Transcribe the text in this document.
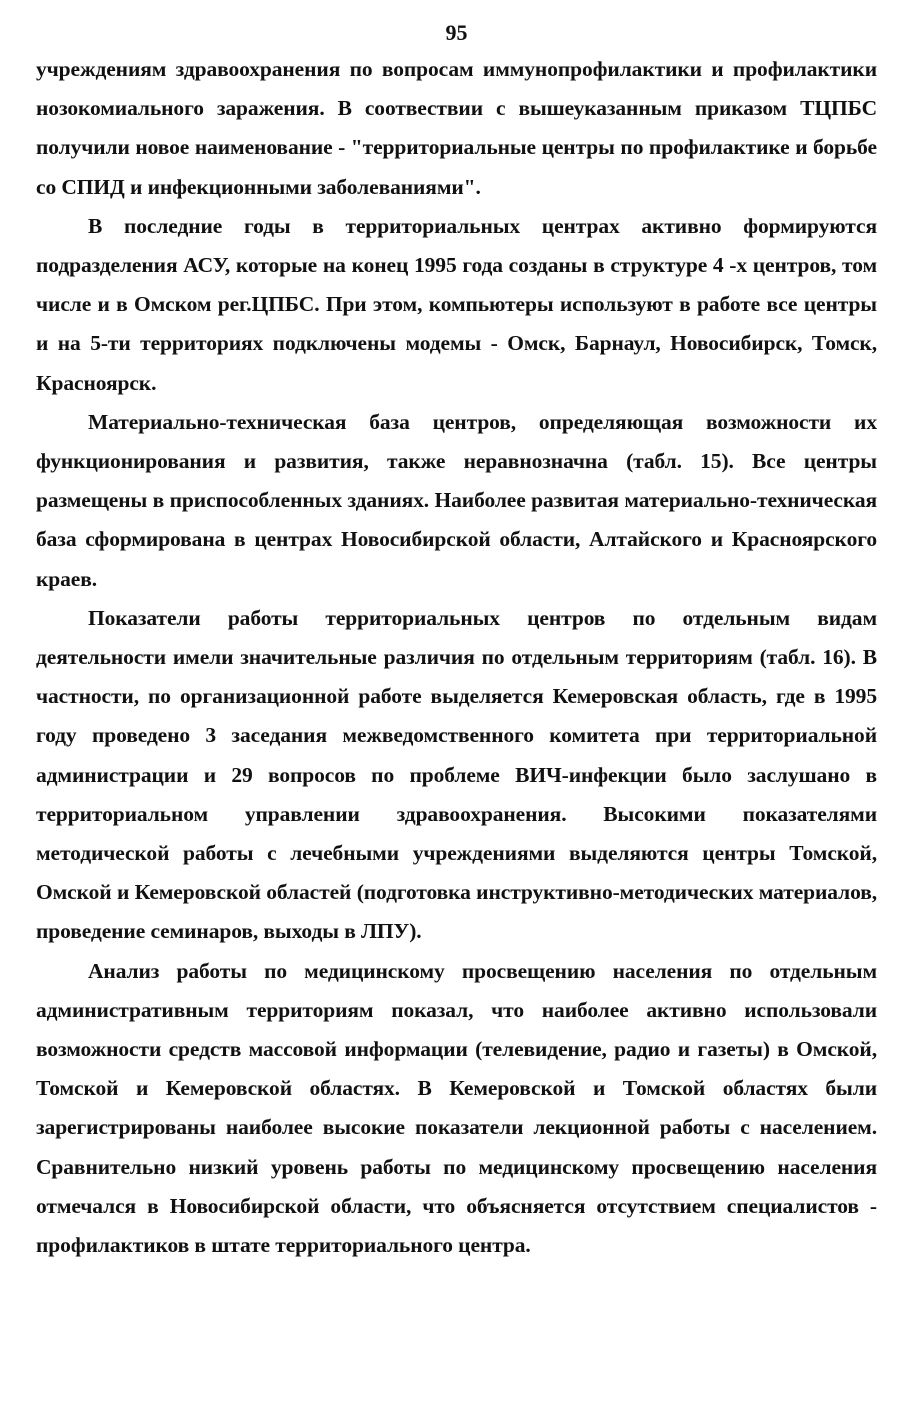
95

учреждениям здравоохранения по вопросам иммунопрофилактики и профилактики нозокомиального заражения. В соотвествии с вышеуказанным приказом ТЦПБС получили новое наименование - "территориальные центры по профилактике и борьбе со СПИД и инфекционными заболеваниями".

В последние годы в территориальных центрах активно формируются подразделения АСУ, которые на конец 1995 года созданы в структуре 4 -х центров, том числе и в Омском рег.ЦПБС. При этом, компьютеры используют в работе все центры и на 5-ти территориях подключены модемы - Омск, Барнаул, Новосибирск, Томск, Красноярск.

Материально-техническая база центров, определяющая возможности их функционирования и развития, также неравнозначна (табл. 15). Все центры размещены в приспособленных зданиях. Наиболее развитая материально-техническая база сформирована в центрах Новосибирской области, Алтайского и Красноярского краев.

Показатели работы территориальных центров по отдельным видам деятельности имели значительные различия по отдельным территориям (табл. 16). В частности, по организационной работе выделяется Кемеровская область, где в 1995 году проведено 3 заседания межведомственного комитета при территориальной администрации и 29 вопросов по проблеме ВИЧ-инфекции было заслушано в территориальном управлении здравоохранения. Высокими показателями методической работы с лечебными учреждениями выделяются центры Томской, Омской и Кемеровской областей (подготовка инструктивно-методических материалов, проведение семинаров, выходы в ЛПУ).

Анализ работы по медицинскому просвещению населения по отдельным административным территориям показал, что наиболее активно использовали возможности средств массовой информации (телевидение, радио и газеты) в Омской, Томской и Кемеровской областях. В Кемеровской и Томской областях были зарегистрированы наиболее высокие показатели лекционной работы с населением. Сравнительно низкий уровень работы по медицинскому просвещению населения отмечался в Новосибирской области, что объясняется отсутствием специалистов - профилактиков в штате территориального центра.
